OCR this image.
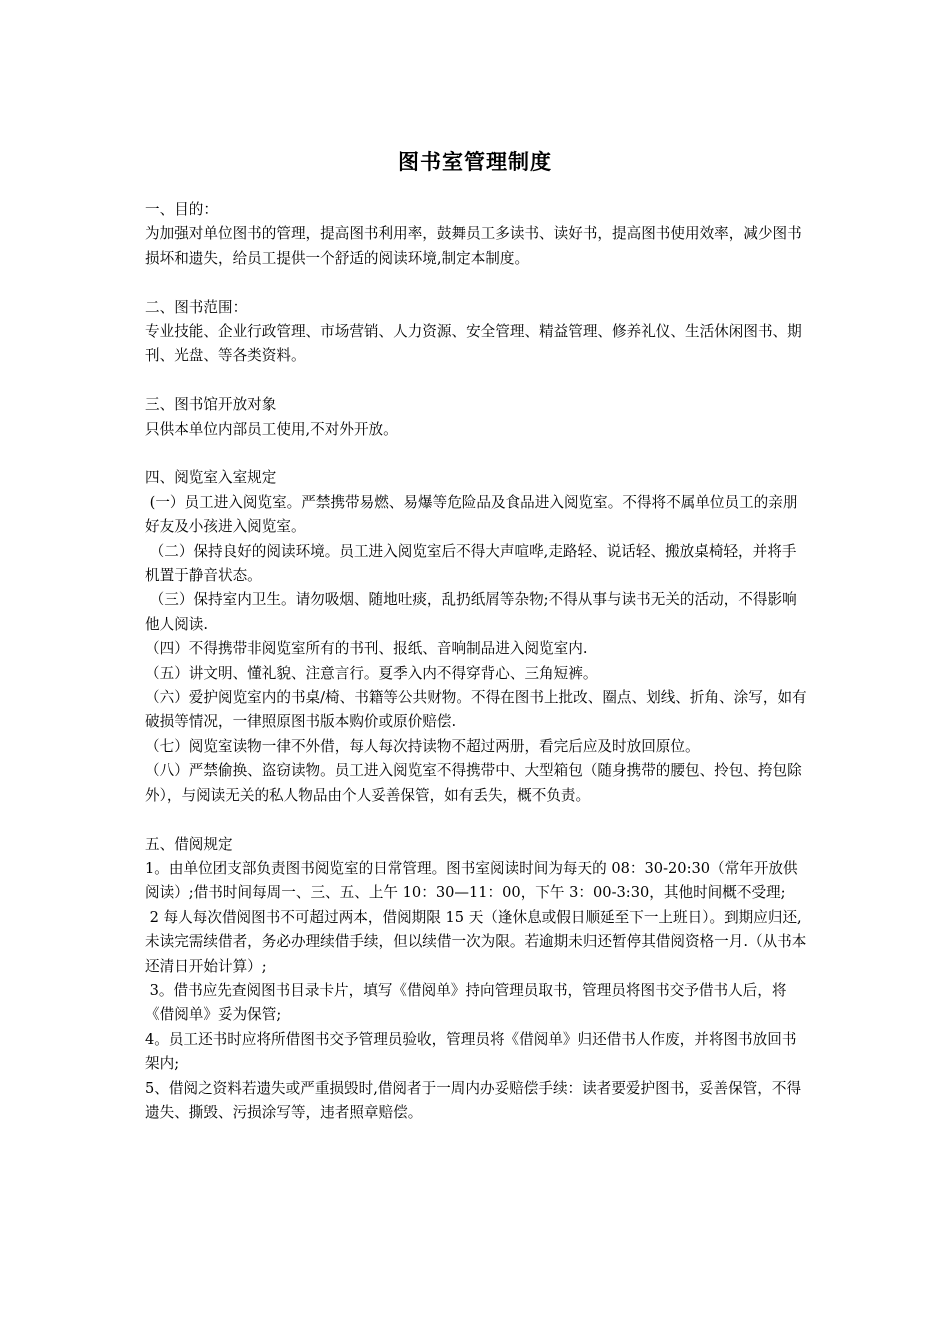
图书室管理制度

一、目的：

为加强对单位图书的管理，提高图书利用率，鼓舞员工多读书、读好书，提高图书使用效率，减少图书损坏和遗失，给员工提供一个舒适的阅读环境,制定本制度。

二、图书范围：

专业技能、企业行政管理、市场营销、人力资源、安全管理、精益管理、修养礼仪、生活休闲图书、期刊、光盘、等各类资料。

三、图书馆开放对象

只供本单位内部员工使用,不对外开放。

四、阅览室入室规定

(一）员工进入阅览室。严禁携带易燃、易爆等危险品及食品进入阅览室。不得将不属单位员工的亲朋好友及小孩进入阅览室。

（二）保持良好的阅读环境。员工进入阅览室后不得大声喧哗,走路轻、说话轻、搬放桌椅轻，并将手机置于静音状态。

（三）保持室内卫生。请勿吸烟、随地吐痰，乱扔纸屑等杂物;不得从事与读书无关的活动，不得影响他人阅读.

（四）不得携带非阅览室所有的书刊、报纸、音响制品进入阅览室内.

（五）讲文明、懂礼貌、注意言行。夏季入内不得穿背心、三角短裤。

（六）爱护阅览室内的书桌/椅、书籍等公共财物。不得在图书上批改、圈点、划线、折角、涂写，如有破损等情况，一律照原图书版本购价或原价赔偿.

（七）阅览室读物一律不外借，每人每次持读物不超过两册，看完后应及时放回原位。

（八）严禁偷换、盗窃读物。员工进入阅览室不得携带中、大型箱包（随身携带的腰包、拎包、挎包除外），与阅读无关的私人物品由个人妥善保管，如有丢失，概不负责。

五、借阅规定

1。由单位团支部负责图书阅览室的日常管理。图书室阅读时间为每天的 08：30-20:30（常年开放供阅读）;借书时间每周一、三、五、上午 10：30—11：00，下午 3：00-3:30，其他时间概不受理;

2 每人每次借阅图书不可超过两本，借阅期限 15 天（逢休息或假日顺延至下一上班日）。到期应归还,未读完需续借者，务必办理续借手续，但以续借一次为限。若逾期未归还暂停其借阅资格一月.（从书本还清日开始计算）;

3。借书应先查阅图书目录卡片，填写《借阅单》持向管理员取书，管理员将图书交予借书人后，将《借阅单》妥为保管;

4。员工还书时应将所借图书交予管理员验收，管理员将《借阅单》归还借书人作废，并将图书放回书架内;

5、借阅之资料若遗失或严重损毁时,借阅者于一周内办妥赔偿手续：读者要爱护图书，妥善保管，不得遗失、撕毁、污损涂写等，违者照章赔偿。
